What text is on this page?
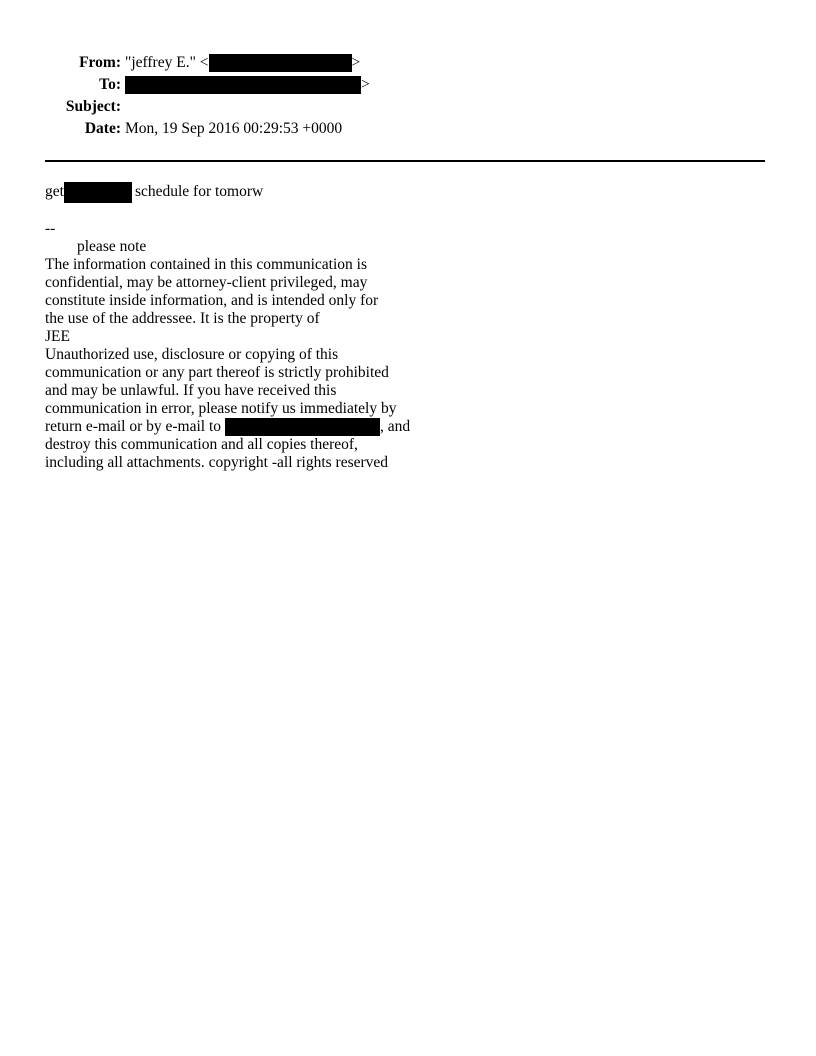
From: "jeffrey E." <	>
To:	>
Subject:
Date: Mon, 19 Sep 2016 00:29:53 +0000
get	schedule for tomorw
--
please note
The information contained in this communication is
confidential, may be attorney-client privileged, may
constitute inside information, and is intended only for
the use of the addressee. It is the property of
JEE
Unauthorized use, disclosure or copying of this
communication or any part thereof is strictly prohibited
and may be unlawful. If you have received this
communication in error, please notify us immediately by
return e-mail or by e-mail to	, and
destroy this communication and all copies thereof,
including all attachments. copyright -all rights reserved
